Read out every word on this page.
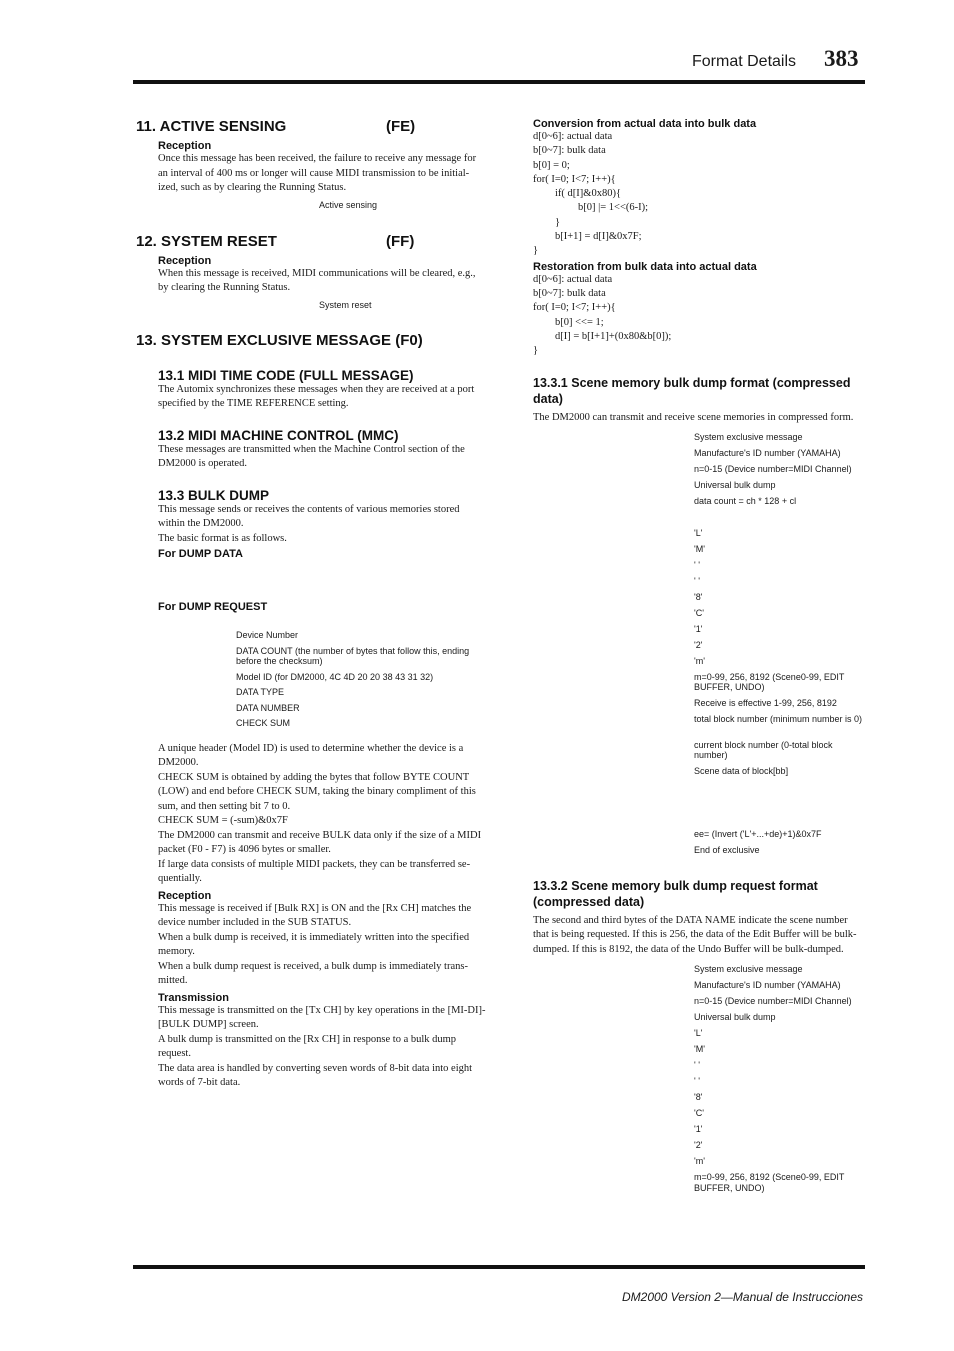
Format Details 383
11. ACTIVE SENSING	(FE)
Reception

Once this message has been received, the failure to receive any message for an interval of 400 ms or longer will cause MIDI transmission to be initial-ized, such as by clearing the Running Status.

Active sensing
12. SYSTEM RESET	(FF)
Reception

When this message is received, MIDI communications will be cleared, e.g., by clearing the Running Status.

System reset
13. SYSTEM EXCLUSIVE MESSAGE (F0)
13.1 MIDI TIME CODE (FULL MESSAGE)

The Automix synchronizes these messages when they are received at a port specified by the TIME REFERENCE setting.

13.2 MIDI MACHINE CONTROL (MMC)

These messages are transmitted when the Machine Control section of the DM2000 is operated.

13.3 BULK DUMP

This message sends or receives the contents of various memories stored within the DM2000.

The basic format is as follows.

For DUMP DATA
For DUMP REQUEST
Device Number
DATA COUNT (the number of bytes that follow this, ending before the checksum)
Model ID (for DM2000, 4C 4D 20 20 38 43 31 32)
DATA TYPE
DATA NUMBER
CHECK SUM

A unique header (Model ID) is used to determine whether the device is a DM2000.

CHECK SUM is obtained by adding the bytes that follow BYTE COUNT (LOW) and end before CHECK SUM, taking the binary compliment of this sum, and then setting bit 7 to 0.

CHECK SUM = (-sum)&0x7F

The DM2000 can transmit and receive BULK data only if the size of a MIDI packet (F0 - F7) is 4096 bytes or smaller.

If large data consists of multiple MIDI packets, they can be transferred se-quentially.

Reception

This message is received if [Bulk RX] is ON and the [Rx CH] matches the device number included in the SUB STATUS.

When a bulk dump is received, it is immediately written into the specified memory.

When a bulk dump request is received, a bulk dump is immediately trans-mitted.

Transmission

This message is transmitted on the [Tx CH] by key operations in the [MI-DI]-[BULK DUMP] screen.

A bulk dump is transmitted on the [Rx CH] in response to a bulk dump request.

The data area is handled by converting seven words of 8-bit data into eight words of 7-bit data.

Conversion from actual data into bulk data

d[0~6]: actual data

b[0~7]: bulk data

b[0] = 0;

for( I=0; I<7; I++){

if( d[I]&0x80){

b[0] |= 1<<(6-I);

}

b[I+1] = d[I]&0x7F;

}

Restoration from bulk data into actual data

d[0~6]: actual data

b[0~7]: bulk data

for( I=0; I<7; I++){

b[0] <<= 1;

d[I] = b[I+1]+(0x80&b[0]);

}

13.3.1 Scene memory bulk dump format (compressed data)

The DM2000 can transmit and receive scene memories in compressed form.

System exclusive message
Manufacture's ID number (YAMAHA)
n=0-15 (Device number=MIDI Channel)
Universal bulk dump
data count = ch * 128 + cl
'L'
'M'
' '
' '
'8'
'C'
'1'
'2'
'm'
m=0-99, 256, 8192 (Scene0-99, EDIT BUFFER, UNDO)
Receive is effective 1-99, 256, 8192
total block number (minimum number is 0)
current block number (0-total block number)
Scene data of block[bb]
ee= (Invert ('L'+...+de)+1)&0x7F
End of exclusive
13.3.2 Scene memory bulk dump request format (compressed data)

The second and third bytes of the DATA NAME indicate the scene number that is being requested. If this is 256, the data of the Edit Buffer will be bulk-dumped. If this is 8192, the data of the Undo Buffer will be bulk-dumped.

System exclusive message
Manufacture's ID number (YAMAHA)
n=0-15 (Device number=MIDI Channel)
Universal bulk dump
'L'
'M'
' '
' '
'8'
'C'
'1'
'2'
'm'
m=0-99, 256, 8192 (Scene0-99, EDIT BUFFER, UNDO)
DM2000 Version 2—Manual de Instrucciones
